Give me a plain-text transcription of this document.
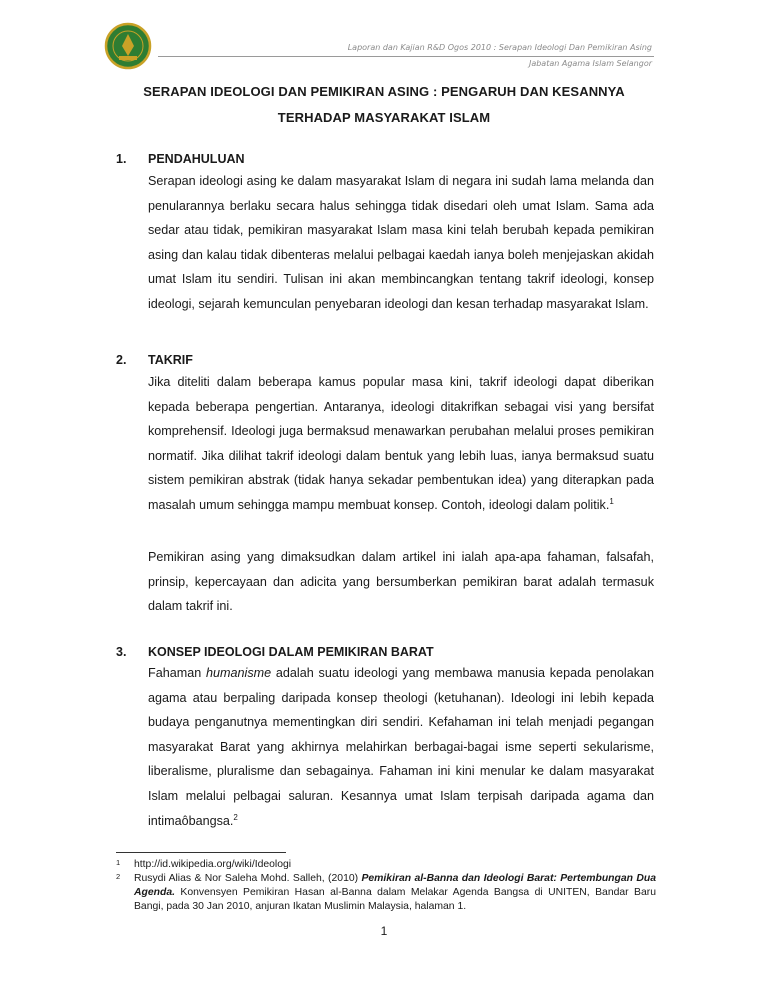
Laporan dan Kajian R&D Ogos 2010 : Serapan Ideologi Dan Pemikiran Asing
Jabatan Agama Islam Selangor
SERAPAN IDEOLOGI DAN PEMIKIRAN ASING : PENGARUH DAN KESANNYA
TERHADAP MASYARAKAT ISLAM
1. PENDAHULUAN

Serapan ideologi asing ke dalam masyarakat Islam di negara ini sudah lama melanda dan penularannya berlaku secara halus sehingga tidak disedari oleh umat Islam. Sama ada sedar atau tidak, pemikiran masyarakat Islam masa kini telah berubah kepada pemikiran asing dan kalau tidak dibenteras melalui pelbagai kaedah ianya boleh menjejaskan akidah umat Islam itu sendiri. Tulisan ini akan membincangkan tentang takrif ideologi, konsep ideologi, sejarah kemunculan penyebaran ideologi dan kesan terhadap masyarakat Islam.

2. TAKRIF

Jika diteliti dalam beberapa kamus popular masa kini, takrif ideologi dapat diberikan kepada beberapa pengertian. Antaranya, ideologi ditakrifkan sebagai visi yang bersifat komprehensif. Ideologi juga bermaksud menawarkan perubahan melalui proses pemikiran normatif. Jika dilihat takrif ideologi dalam bentuk yang lebih luas, ianya bermaksud suatu sistem pemikiran abstrak (tidak hanya sekadar pembentukan idea) yang diterapkan pada masalah umum sehingga mampu membuat konsep. Contoh, ideologi dalam politik.$^1$

Pemikiran asing yang dimaksudkan dalam artikel ini ialah apa-apa fahaman, falsafah, prinsip, kepercayaan dan adicita yang bersumberkan pemikiran barat adalah termasuk dalam takrif ini.

3. KONSEP IDEOLOGI DALAM PEMIKIRAN BARAT

Fahaman humanisme adalah suatu ideologi yang membawa manusia kepada penolakan agama atau berpaling daripada konsep theologi (ketuhanan). Ideologi ini lebih kepada budaya penganutnya mementingkan diri sendiri. Kefahaman ini telah menjadi pegangan masyarakat Barat yang akhirnya melahirkan berbagai-bagai isme seperti sekularisme, liberalisme, pluralisme dan sebagainya. Fahaman ini kini menular ke dalam masyarakat Islam melalui pelbagai saluran. Kesannya umat Islam terpisah daripada agama dan intimaôbangsa.$^2$

1 http://id.wikipedia.org/wiki/Ideologi
2 Rusydi Alias & Nor Saleha Mohd. Salleh, (2010) Pemikiran al-Banna dan Ideologi Barat: Pertembungan Dua Agenda. Konvensyen Pemikiran Hasan al-Banna dalam Melakar Agenda Bangsa di UNITEN, Bandar Baru Bangi, pada 30 Jan 2010, anjuran Ikatan Muslimin Malaysia, halaman 1.
1
